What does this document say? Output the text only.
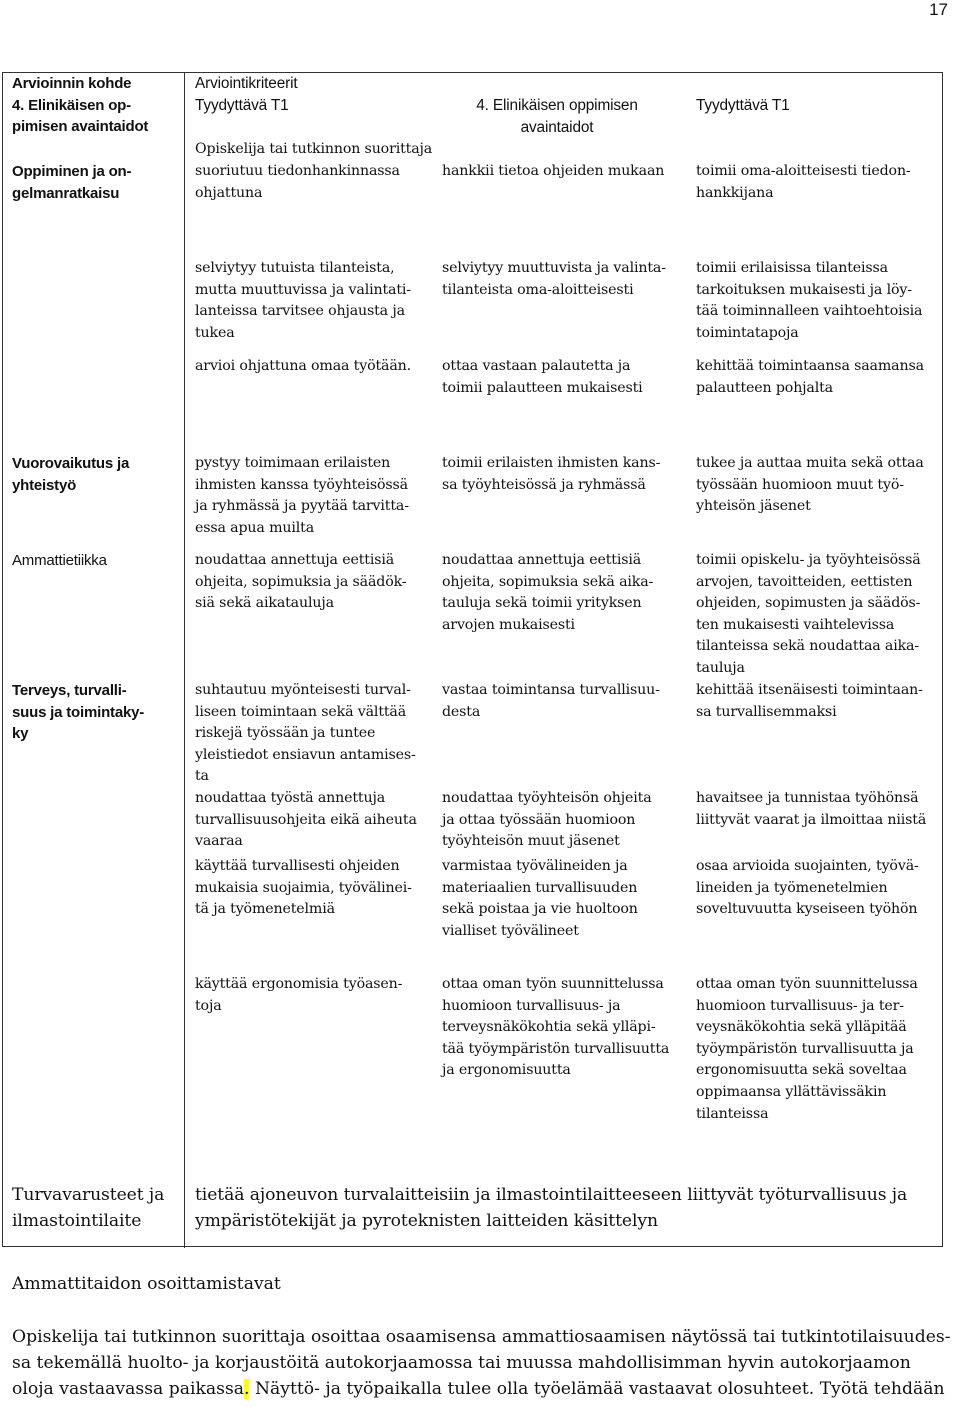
17
Arvioinnin kohde
4. Elinikäisen op-
pimisen avaintaidot
Arviointikriteerit
Tyydyttävä T1	4. Elinikäisen oppimisen
avaintaidot
Tyydyttävä T1
Opiskelija tai tutkinnon suorittaja
Oppiminen ja on-
gelmanratkaisu
suoriutuu tiedonhankinnassa
ohjattuna
hankkii tietoa ohjeiden mukaan toimii oma-aloitteisesti tiedon-
hankkijana
selviytyy tutuista tilanteista,
mutta muuttuvissa ja valintati-
lanteissa tarvitsee ohjausta ja
tukea
selviytyy muuttuvista ja valinta-
tilanteista oma-aloitteisesti
toimii erilaisissa tilanteissa
tarkoituksen mukaisesti ja löy-
tää toiminnalleen vaihtoehtoisia
toimintatapoja
arvioi ohjattuna omaa työtään. ottaa vastaan palautetta ja
toimii palautteen mukaisesti
kehittää toimintaansa saamansa
palautteen pohjalta
Vuorovaikutus ja
yhteistyö
pystyy toimimaan erilaisten
ihmisten kanssa työyhteisössä
ja ryhmässä ja pyytää tarvitta-
essa apua muilta
toimii erilaisten ihmisten kans-
sa työyhteisössä ja ryhmässä
tukee ja auttaa muita sekä ottaa
työssään huomioon muut työ-
yhteisön jäsenet
Ammattietiikka	noudattaa annettuja eettisiä
ohjeita, sopimuksia ja säädök-
siä sekä aikatauluja
noudattaa annettuja eettisiä
ohjeita, sopimuksia sekä aika-
tauluja sekä toimii yrityksen
arvojen mukaisesti
toimii opiskelu- ja työyhteisössä
arvojen, tavoitteiden, eettisten
ohjeiden, sopimusten ja säädös-
ten mukaisesti vaihtelevissa
tilanteissa sekä noudattaa aika-
tauluja
Terveys, turvalli-
suus ja toimintaky-
ky
suhtautuu myönteisesti turval-
liseen toimintaan sekä välttää
riskejä työssään ja tuntee
yleistiedot ensiavun antamises-
ta
vastaa toimintansa turvallisuu-
desta
kehittää itsenäisesti toimintaan-
sa turvallisemmaksi
noudattaa työstä annettuja
turvallisuusohjeita eikä aiheuta
vaaraa
noudattaa työyhteisön ohjeita
ja ottaa työssään huomioon
työyhteisön muut jäsenet
havaitsee ja tunnistaa työhönsä
liittyvät vaarat ja ilmoittaa niistä
käyttää turvallisesti ohjeiden
mukaisia suojaimia, työvälinei-
tä ja työmenetelmiä
varmistaa työvälineiden ja
materiaalien turvallisuuden
sekä poistaa ja vie huoltoon
vialliset työvälineet
osaa arvioida suojainten, työvä-
lineiden ja työmenetelmien
soveltuvuutta kyseiseen työhön
käyttää ergonomisia työasen-
toja
ottaa oman työn suunnittelussa
huomioon turvallisuus- ja
terveysnäkökohtia sekä ylläpi-
tää työympäristön turvallisuutta
ja ergonomisuutta
ottaa oman työn suunnittelussa
huomioon turvallisuus- ja ter-
veysnäkökohtia sekä ylläpitää
työympäristön turvallisuutta ja
ergonomisuutta sekä soveltaa
oppimaansa yllättävissäkin
tilanteissa
Turvavarusteet ja
ilmastointilaite
tietää ajoneuvon turvalaitteisiin ja ilmastointilaitteeseen liittyvät työturvallisuus ja
ympäristötekijät ja pyroteknisten laitteiden käsittelyn
Ammattitaidon osoittamistavat
Opiskelija tai tutkinnon suorittaja osoittaa osaamisensa ammattiosaamisen näytössä tai tutkintotilaisuudes-
sa tekemällä huolto- ja korjaustöitä autokorjaamossa tai muussa mahdollisimman hyvin autokorjaamon
oloja vastaavassa paikassa. Näyttö- ja työpaikalla tulee olla työelämää vastaavat olosuhteet. Työtä tehdään
